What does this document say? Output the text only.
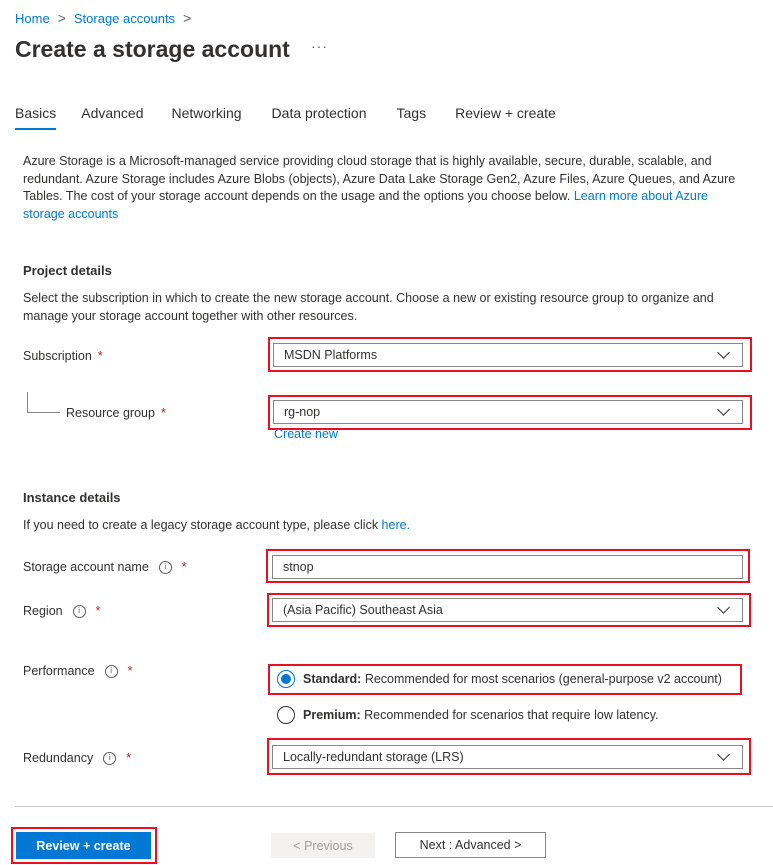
Home > Storage accounts >
Create a storage account ···
Basics Advanced Networking Data protection Tags Review + create
Azure Storage is a Microsoft-managed service providing cloud storage that is highly available, secure, durable, scalable, and redundant. Azure Storage includes Azure Blobs (objects), Azure Data Lake Storage Gen2, Azure Files, Azure Queues, and Azure Tables. The cost of your storage account depends on the usage and the options you choose below. Learn more about Azure storage accounts
Project details
Select the subscription in which to create the new storage account. Choose a new or existing resource group to organize and manage your storage account together with other resources.
Subscription *	MSDN Platforms
Resource group *	rg-nop
Create new
Instance details
If you need to create a legacy storage account type, please click here.
Storage account name	i	*	stnop
Region	i	*	(Asia Pacific) Southeast Asia
Performance	i	*
Standard: Recommended for most scenarios (general-purpose v2 account)
Premium: Recommended for scenarios that require low latency.
Redundancy	i	*	Locally-redundant storage (LRS)
Review + create	< Previous	Next : Advanced >
